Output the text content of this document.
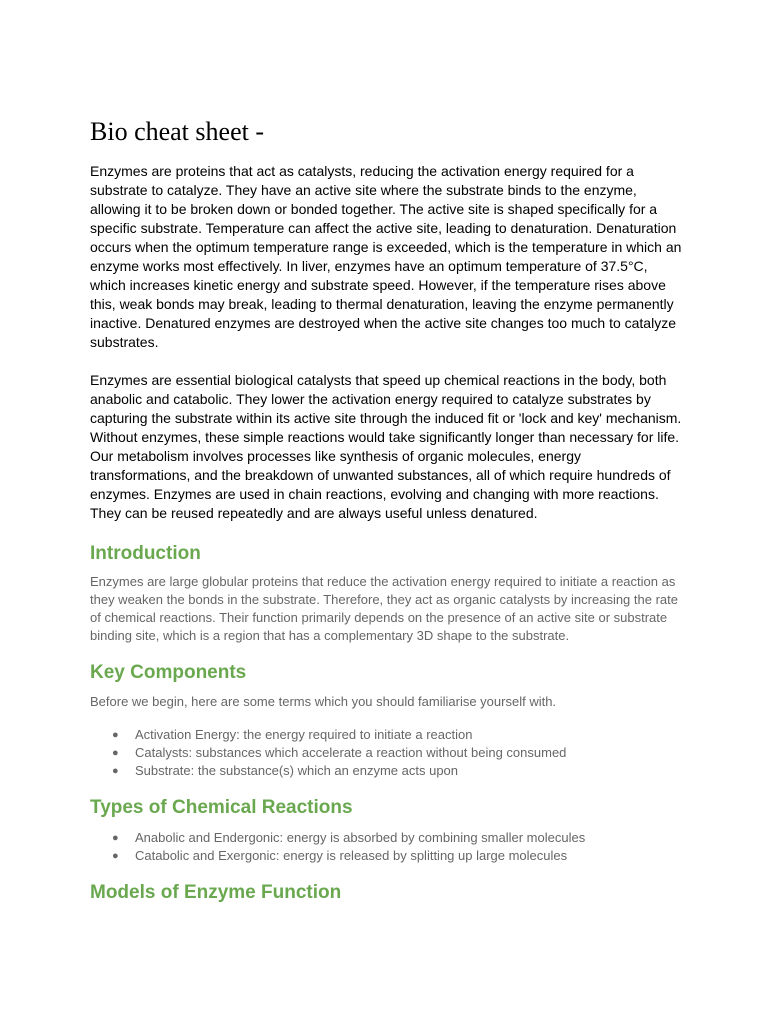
Bio cheat sheet -

Enzymes are proteins that act as catalysts, reducing the activation energy required for a substrate to catalyze. They have an active site where the substrate binds to the enzyme, allowing it to be broken down or bonded together. The active site is shaped specifically for a specific substrate. Temperature can affect the active site, leading to denaturation. Denaturation occurs when the optimum temperature range is exceeded, which is the temperature in which an enzyme works most effectively. In liver, enzymes have an optimum temperature of 37.5°C, which increases kinetic energy and substrate speed. However, if the temperature rises above this, weak bonds may break, leading to thermal denaturation, leaving the enzyme permanently inactive. Denatured enzymes are destroyed when the active site changes too much to catalyze substrates.

Enzymes are essential biological catalysts that speed up chemical reactions in the body, both anabolic and catabolic. They lower the activation energy required to catalyze substrates by capturing the substrate within its active site through the induced fit or 'lock and key' mechanism. Without enzymes, these simple reactions would take significantly longer than necessary for life. Our metabolism involves processes like synthesis of organic molecules, energy transformations, and the breakdown of unwanted substances, all of which require hundreds of enzymes. Enzymes are used in chain reactions, evolving and changing with more reactions. They can be reused repeatedly and are always useful unless denatured.

Introduction

Enzymes are large globular proteins that reduce the activation energy required to initiate a reaction as they weaken the bonds in the substrate. Therefore, they act as organic catalysts by increasing the rate of chemical reactions. Their function primarily depends on the presence of an active site or substrate binding site, which is a region that has a complementary 3D shape to the substrate.

Key Components

Before we begin, here are some terms which you should familiarise yourself with.

● Activation Energy: the energy required to initiate a reaction
● Catalysts: substances which accelerate a reaction without being consumed
● Substrate: the substance(s) which an enzyme acts upon
Types of Chemical Reactions
● Anabolic and Endergonic: energy is absorbed by combining smaller molecules
● Catabolic and Exergonic: energy is released by splitting up large molecules
Models of Enzyme Function
